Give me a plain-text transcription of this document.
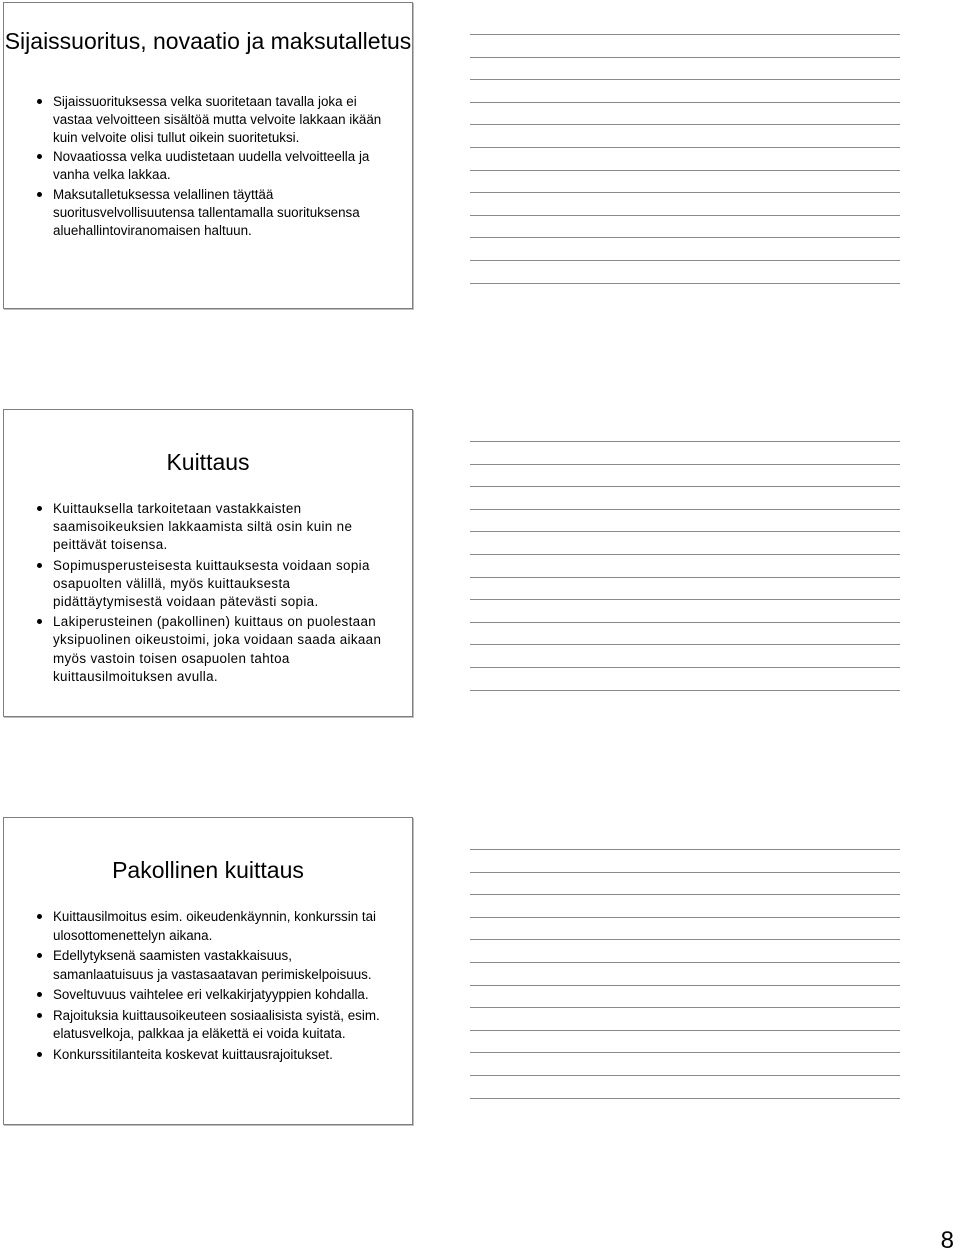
Sijaissuoritus, novaatio ja maksutalletus
Sijaissuorituksessa velka suoritetaan tavalla joka ei vastaa velvoitteen sisältöä mutta velvoite lakkaan ikään kuin velvoite olisi tullut oikein suoritetuksi.
Novaatiossa velka uudistetaan uudella velvoitteella ja vanha velka lakkaa.
Maksutalletuksessa velallinen täyttää suoritusvelvollisuutensa tallentamalla suorituksensa aluehallintoviranomaisen haltuun.
Kuittaus
Kuittauksella tarkoitetaan vastakkaisten saamisoikeuksien lakkaamista siltä osin kuin ne peittävät toisensa.
Sopimusperusteisesta kuittauksesta voidaan sopia osapuolten välillä, myös kuittauksesta pidättäytymisestä voidaan pätevästi sopia.
Lakiperusteinen (pakollinen) kuittaus on puolestaan yksipuolinen oikeustoimi, joka voidaan saada aikaan myös vastoin toisen osapuolen tahtoa kuittausilmoituksen avulla.
Pakollinen kuittaus
Kuittausilmoitus esim. oikeudenkäynnin, konkurssin tai ulosottomenettelyn aikana.
Edellytyksenä saamisten vastakkaisuus, samanlaatuisuus ja vastasaatavan perimiskelpoisuus.
Soveltuvuus vaihtelee eri velkakirjatyyppien kohdalla.
Rajoituksia kuittausoikeuteen sosiaalisista syistä, esim. elatusvelkoja, palkkaa ja eläkettä ei voida kuitata.
Konkurssitilanteita koskevat kuittausrajoitukset.
8
